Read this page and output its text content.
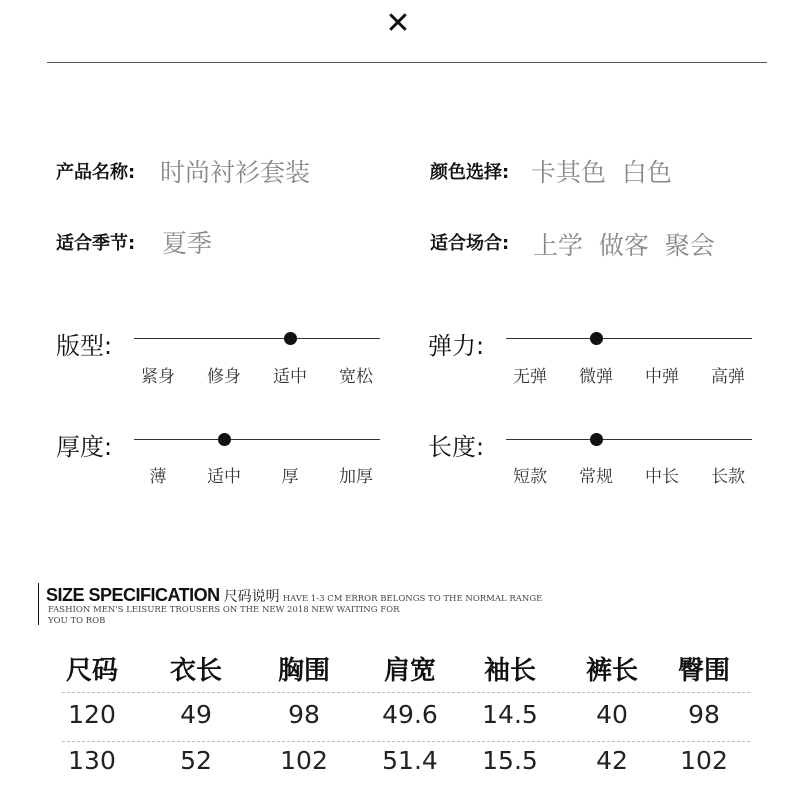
✕
产品名称: 时尚衬衫套装	颜色选择: 卡其色  白色
适合季节: 夏季	适合场合: 上学  做客  聚会
版型:
紧身	修身	适中	宽松
弹力:
无弹	微弹	中弹	高弹
厚度:
薄	适中	厚	加厚
长度:
短款	常规	中长	长款
SIZE SPECIFICATION 尺码说明 HAVE 1-3 CM ERROR BELONGS TO THE NORMAL RANGE
FASHION MEN'S LEISURE TROUSERS ON THE NEW 2018 NEW WAITING FOR
YOU TO ROB
尺码	衣长	胸围	肩宽	袖长	裤长	臀围
120	49	98	49.6	14.5	40	98
130	52	102	51.4	15.5	42	102
